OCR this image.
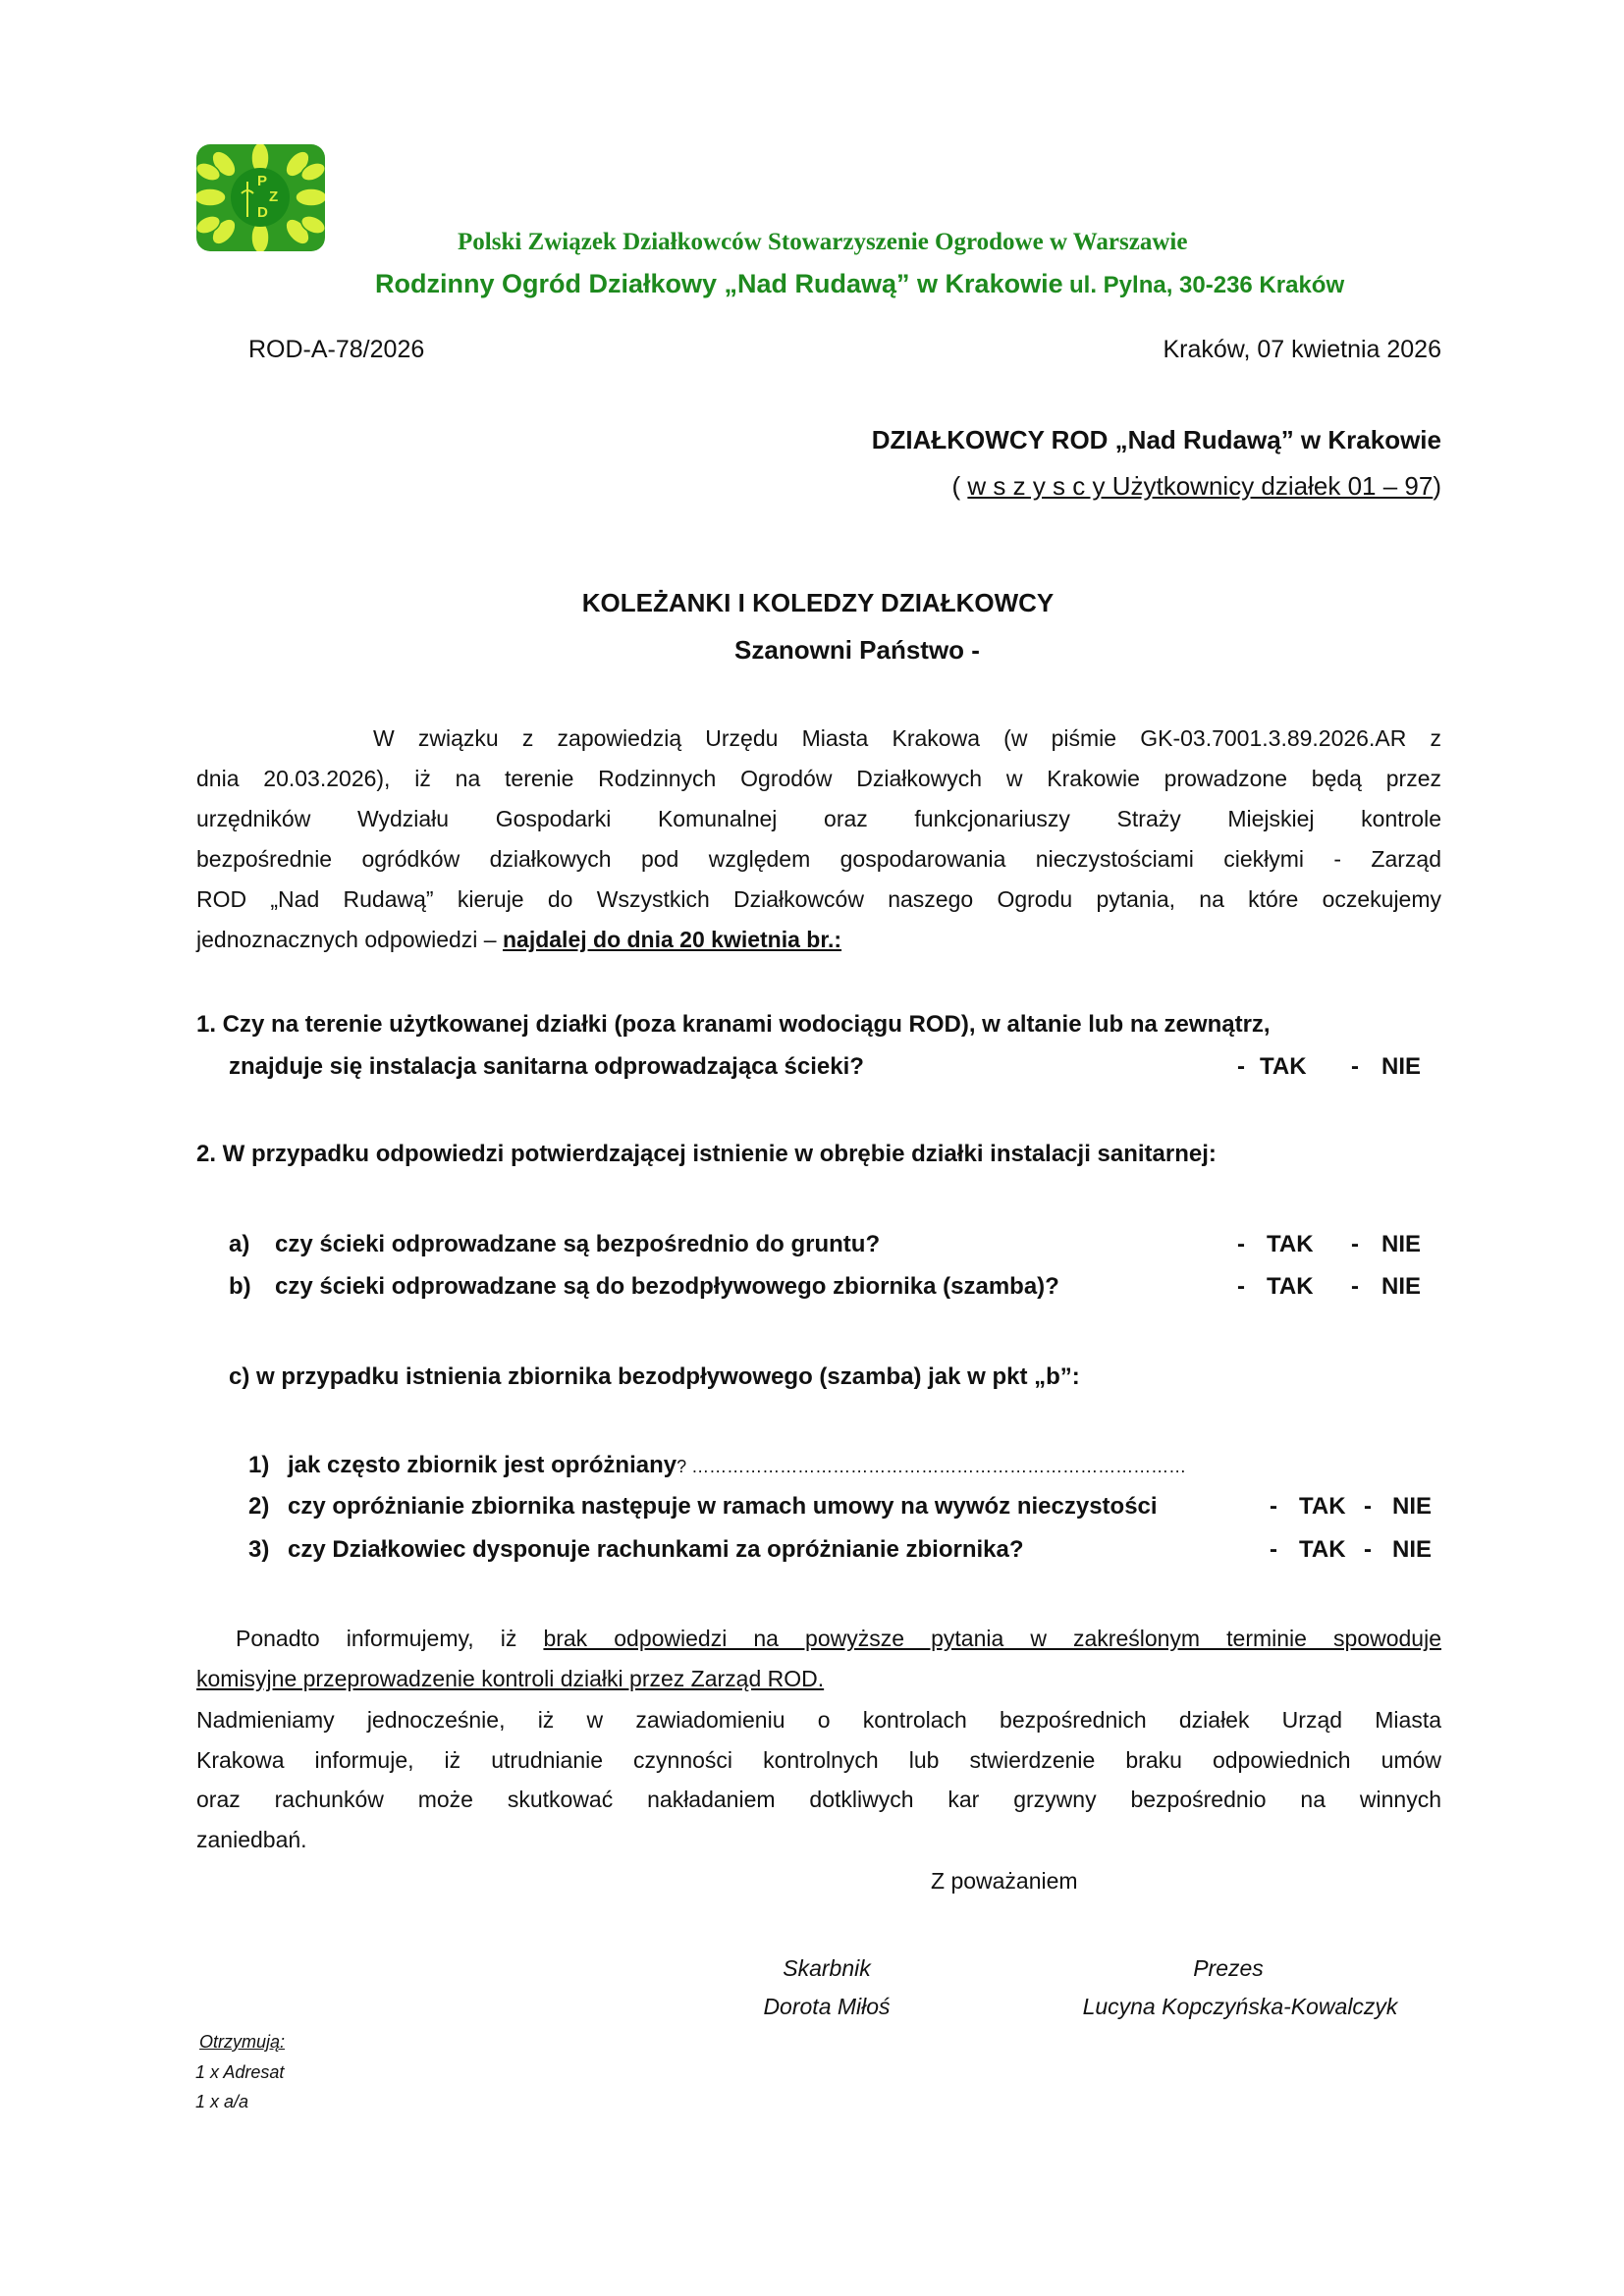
P
Z
D
Polski Związek Działkowców Stowarzyszenie Ogrodowe w Warszawie
Rodzinny Ogród Działkowy „Nad Rudawą” w Krakowie ul. Pylna, 30-236 Kraków
ROD-A-78/2026	Kraków, 07 kwietnia 2026
DZIAŁKOWCY ROD „Nad Rudawą” w Krakowie
( w s z y s c y Użytkownicy działek 01 – 97)
KOLEŻANKI I KOLEDZY DZIAŁKOWCY
Szanowni Państwo -
W związku z zapowiedzią Urzędu Miasta Krakowa (w piśmie GK-03.7001.3.89.2026.AR z
dnia 20.03.2026), iż na terenie Rodzinnych Ogrodów Działkowych w Krakowie prowadzone będą przez
urzędników Wydziału Gospodarki Komunalnej oraz funkcjonariuszy Straży Miejskiej kontrole
bezpośrednie ogródków działkowych pod względem gospodarowania nieczystościami ciekłymi - Zarząd
ROD „Nad Rudawą” kieruje do Wszystkich Działkowców naszego Ogrodu pytania, na które oczekujemy
jednoznacznych odpowiedzi – najdalej do dnia 20 kwietnia br.:
1. Czy na terenie użytkowanej działki (poza kranami wodociągu ROD), w altanie lub na zewnątrz,
znajduje się instalacja sanitarna odprowadzająca ścieki?	- TAK - NIE
2. W przypadku odpowiedzi potwierdzającej istnienie w obrębie działki instalacji sanitarnej:
a) czy ścieki odprowadzane są bezpośrednio do gruntu?	- TAK - NIE
b) czy ścieki odprowadzane są do bezodpływowego zbiornika (szamba)?	- TAK - NIE
c) w przypadku istnienia zbiornika bezodpływowego (szamba) jak w pkt „b”:
1) jak często zbiornik jest opróżniany? …………………………………………………………………………
2) czy opróżnianie zbiornika następuje w ramach umowy na wywóz nieczystości	- TAK - NIE
3) czy Działkowiec dysponuje rachunkami za opróżnianie zbiornika?	- TAK - NIE
Ponadto informujemy, iż brak odpowiedzi na powyższe pytania w zakreślonym terminie spowoduje
komisyjne przeprowadzenie kontroli działki przez Zarząd ROD.
Nadmieniamy jednocześnie, iż w zawiadomieniu o kontrolach bezpośrednich działek Urząd Miasta
Krakowa informuje, iż utrudnianie czynności kontrolnych lub stwierdzenie braku odpowiednich umów
oraz rachunków może skutkować nakładaniem dotkliwych kar grzywny bezpośrednio na winnych
zaniedbań.
Z poważaniem
Skarbnik
Dorota Miłoś
Prezes
Lucyna Kopczyńska-Kowalczyk
Otrzymują:
1 x Adresat
1 x a/a
